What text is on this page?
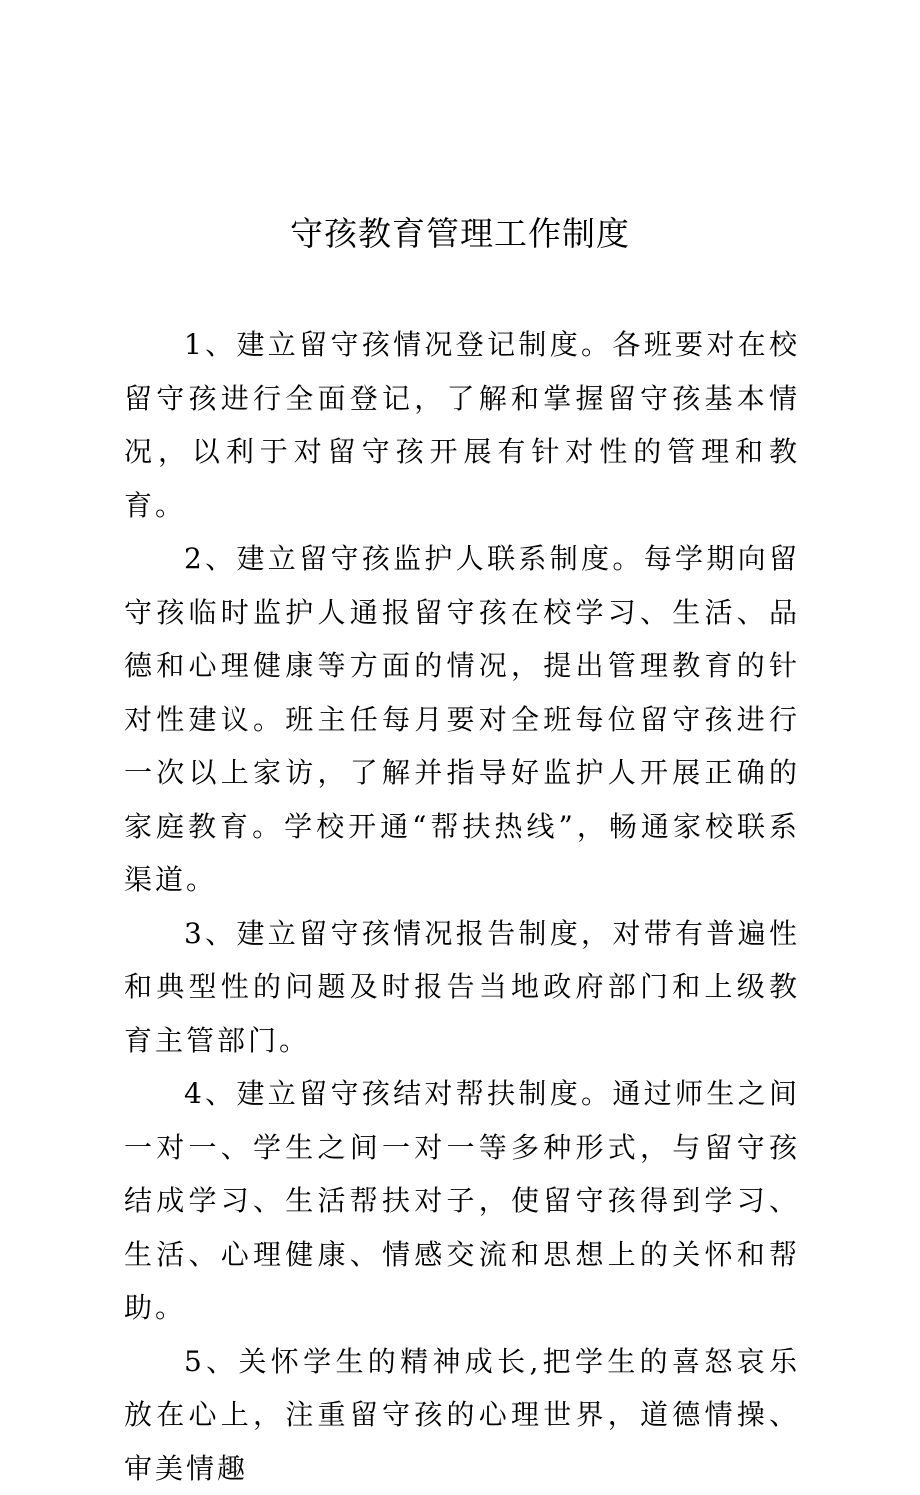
守孩教育管理工作制度

1、建立留守孩情况登记制度。各班要对在校留守孩进行全面登记，了解和掌握留守孩基本情况，以利于对留守孩开展有针对性的管理和教育。

2、建立留守孩监护人联系制度。每学期向留守孩临时监护人通报留守孩在校学习、生活、品德和心理健康等方面的情况，提出管理教育的针对性建议。班主任每月要对全班每位留守孩进行一次以上家访，了解并指导好监护人开展正确的家庭教育。学校开通“帮扶热线”，畅通家校联系渠道。

3、建立留守孩情况报告制度，对带有普遍性和典型性的问题及时报告当地政府部门和上级教育主管部门。

4、建立留守孩结对帮扶制度。通过师生之间一对一、学生之间一对一等多种形式，与留守孩结成学习、生活帮扶对子，使留守孩得到学习、生活、心理健康、情感交流和思想上的关怀和帮助。

5、关怀学生的精神成长,把学生的喜怒哀乐放在心上，注重留守孩的心理世界，道德情操、审美情趣
